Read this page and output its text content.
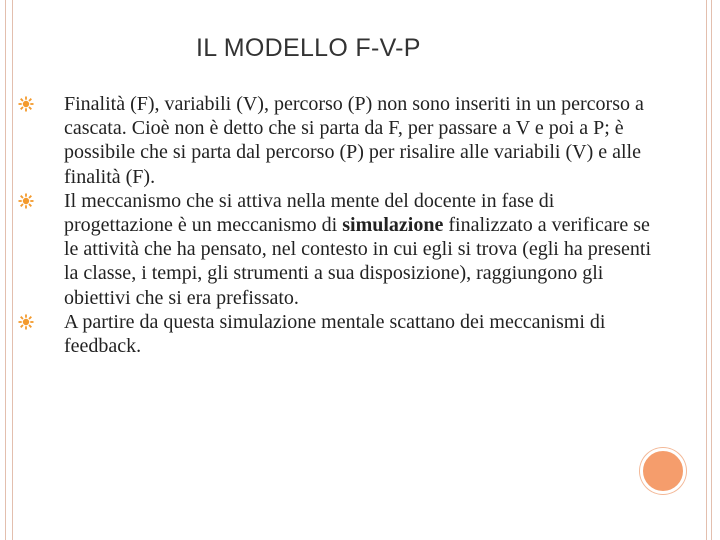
IL MODELLO F-V-P
Finalità (F), variabili (V), percorso (P) non sono inseriti in un percorso a cascata. Cioè non è detto che si parta da F, per passare a V e poi a P; è possibile che si parta dal percorso (P) per risalire alle variabili (V) e alle finalità (F).
Il meccanismo che si attiva nella mente del docente in fase di progettazione è un meccanismo di simulazione finalizzato a verificare se le attività che ha pensato, nel contesto in cui egli si trova (egli ha presenti la classe, i tempi, gli strumenti a sua disposizione), raggiungono gli obiettivi che si era prefissato.
A partire da questa simulazione mentale scattano dei meccanismi di feedback.
